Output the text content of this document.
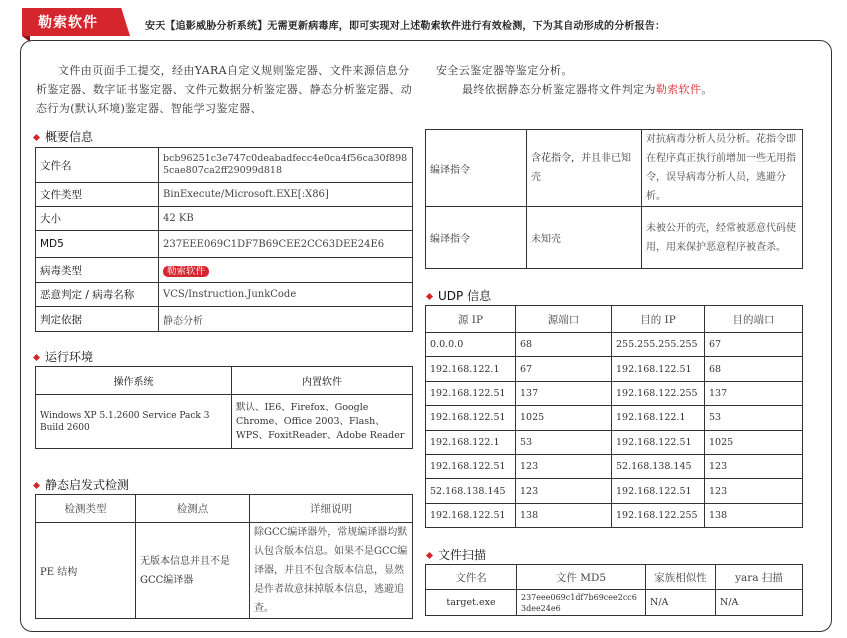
勒索软件	安天【追影威胁分析系统】无需更新病毒库，即可实现对上述勒索软件进行有效检测，下为其自动形成的分析报告：
文件由页面手工提交，经由YARA自定义规则鉴定器、文件来源信息分析鉴定器、数字证书鉴定器、文件元数据分析鉴定器、静态分析鉴定器、动态行为(默认环境)鉴定器、智能学习鉴定器、
安全云鉴定器等鉴定分析。
最终依据静态分析鉴定器将文件判定为勒索软件。
概要信息
文件名	bcb96251c3e747c0deabadfecc4e0ca4f56ca30f8985cae807ca2ff29099d818
文件类型	BinExecute/Microsoft.EXE[:X86]
大小	42 KB
MD5	237EEE069C1DF7B69CEE2CC63DEE24E6
病毒类型	勒索软件
恶意判定 / 病毒名称	VCS/Instruction.JunkCode
判定依据	静态分析
运行环境
操作系统	内置软件
Windows XP 5.1.2600 Service Pack 3 Build 2600	默认、IE6、Firefox、Google Chrome、Office 2003、Flash、WPS、FoxitReader、Adobe Reader
静态启发式检测
检测类型	检测点	详细说明
PE 结构	无版本信息并且不是GCC编译器	除GCC编译器外，常规编译器均默认包含版本信息。如果不是GCC编译器，并且不包含版本信息，显然是作者故意抹掉版本信息，逃避追查。
编译指令	含花指令，并且非已知壳	对抗病毒分析人员分析。花指令即在程序真正执行前增加一些无用指令，误导病毒分析人员，逃避分析。
编译指令	未知壳	未被公开的壳，经常被恶意代码使用，用来保护恶意程序被查杀。
UDP 信息
源 IP	源端口	目的 IP	目的端口
0.0.0.0	68	255.255.255.255	67
192.168.122.1	67	192.168.122.51	68
192.168.122.51	137	192.168.122.255	137
192.168.122.51	1025	192.168.122.1	53
192.168.122.1	53	192.168.122.51	1025
192.168.122.51	123	52.168.138.145	123
52.168.138.145	123	192.168.122.51	123
192.168.122.51	138	192.168.122.255	138
文件扫描
文件名	文件 MD5	家族相似性	yara 扫描
target.exe	237eee069c1df7b69cee2cc63dee24e6	N/A	N/A
